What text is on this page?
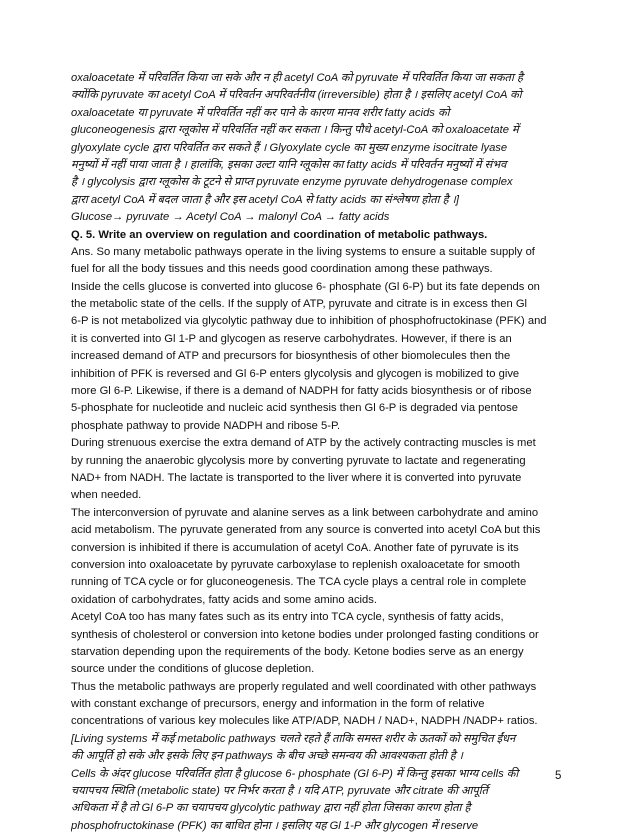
oxaloacetate में परिवर्तित किया जा सके और न ही acetyl CoA को pyruvate में परिवर्तित किया जा सकता है
क्योंकि pyruvate का acetyl CoA में परिवर्तन अपरिवर्तनीय (irreversible) होता है । इसलिए acetyl CoA को
oxaloacetate या pyruvate में परिवर्तित नहीं कर पाने के कारण मानव शरीर fatty acids को
gluconeogenesis द्वारा ग्लूकोस में परिवर्तित नहीं कर सकता । किन्तु पौधे acetyl-CoA को oxaloacetate में
glyoxylate cycle द्वारा परिवर्तित कर सकते हैं । Glyoxylate cycle का मुख्य enzyme isocitrate lyase
मनुष्यों में नहीं पाया जाता है । हालांकि, इसका उल्टा यानि ग्लूकोस का fatty acids में परिवर्तन मनुष्यों में संभव
है । glycolysis द्वारा ग्लूकोस के टूटने से प्राप्त pyruvate enzyme pyruvate dehydrogenase complex
द्वारा acetyl CoA में बदल जाता है और इस acetyl CoA से fatty acids का संश्लेषण होता है ।]
Glucose→ pyruvate → Acetyl CoA → malonyl CoA → fatty acids
Q. 5. Write an overview on regulation and coordination of metabolic pathways.
Ans. So many metabolic pathways operate in the living systems to ensure a suitable supply of
fuel for all the body tissues and this needs good coordination among these pathways.
Inside the cells glucose is converted into glucose 6- phosphate (Gl 6-P) but its fate depends on
the metabolic state of the cells. If the supply of ATP, pyruvate and citrate is in excess then Gl
6-P is not metabolized via glycolytic pathway due to inhibition of phosphofructokinase (PFK) and
it is converted into Gl 1-P and glycogen as reserve carbohydrates. However, if there is an
increased demand of ATP and precursors for biosynthesis of other biomolecules then the
inhibition of PFK is reversed and Gl 6-P enters glycolysis and glycogen is mobilized to give
more Gl 6-P. Likewise, if there is a demand of NADPH for fatty acids biosynthesis or of ribose
5-phosphate for nucleotide and nucleic acid synthesis then Gl 6-P is degraded via pentose
phosphate pathway to provide NADPH and ribose 5-P.
During strenuous exercise the extra demand of ATP by the actively contracting muscles is met
by running the anaerobic glycolysis more by converting pyruvate to lactate and regenerating
NAD+ from NADH. The lactate is transported to the liver where it is converted into pyruvate
when needed.
The interconversion of pyruvate and alanine serves as a link between carbohydrate and amino
acid metabolism. The pyruvate generated from any source is converted into acetyl CoA but this
conversion is inhibited if there is accumulation of acetyl CoA. Another fate of pyruvate is its
conversion into oxaloacetate by pyruvate carboxylase to replenish oxaloacetate for smooth
running of TCA cycle or for gluconeogenesis. The TCA cycle plays a central role in complete
oxidation of carbohydrates, fatty acids and some amino acids.
Acetyl CoA too has many fates such as its entry into TCA cycle, synthesis of fatty acids,
synthesis of cholesterol or conversion into ketone bodies under prolonged fasting conditions or
starvation depending upon the requirements of the body. Ketone bodies serve as an energy
source under the conditions of glucose depletion.
Thus the metabolic pathways are properly regulated and well coordinated with other pathways
with constant exchange of precursors, energy and information in the form of relative
concentrations of various key molecules like ATP/ADP, NADH / NAD+, NADPH /NADP+ ratios.
[Living systems में कई metabolic pathways चलते रहते हैं ताकि समस्त शरीर के ऊतकों को समुचित ईंधन
की आपूर्ति हो सके और इसके लिए इन pathways के बीच अच्छे समन्वय की आवश्यकता होती है ।
Cells के अंदर glucose परिवर्तित होता है glucose 6- phosphate (Gl 6-P) में किन्तु इसका भाग्य cells की
चयापचय स्थिति (metabolic state) पर निर्भर करता है । यदि ATP, pyruvate और citrate की आपूर्ति
अधिकता में है तो Gl 6-P का चयापचय glycolytic pathway द्वारा नहीं होता जिसका कारण होता है
phosphofructokinase (PFK) का बाधित होना । इसलिए यह Gl 1-P और glycogen में reserve
5
